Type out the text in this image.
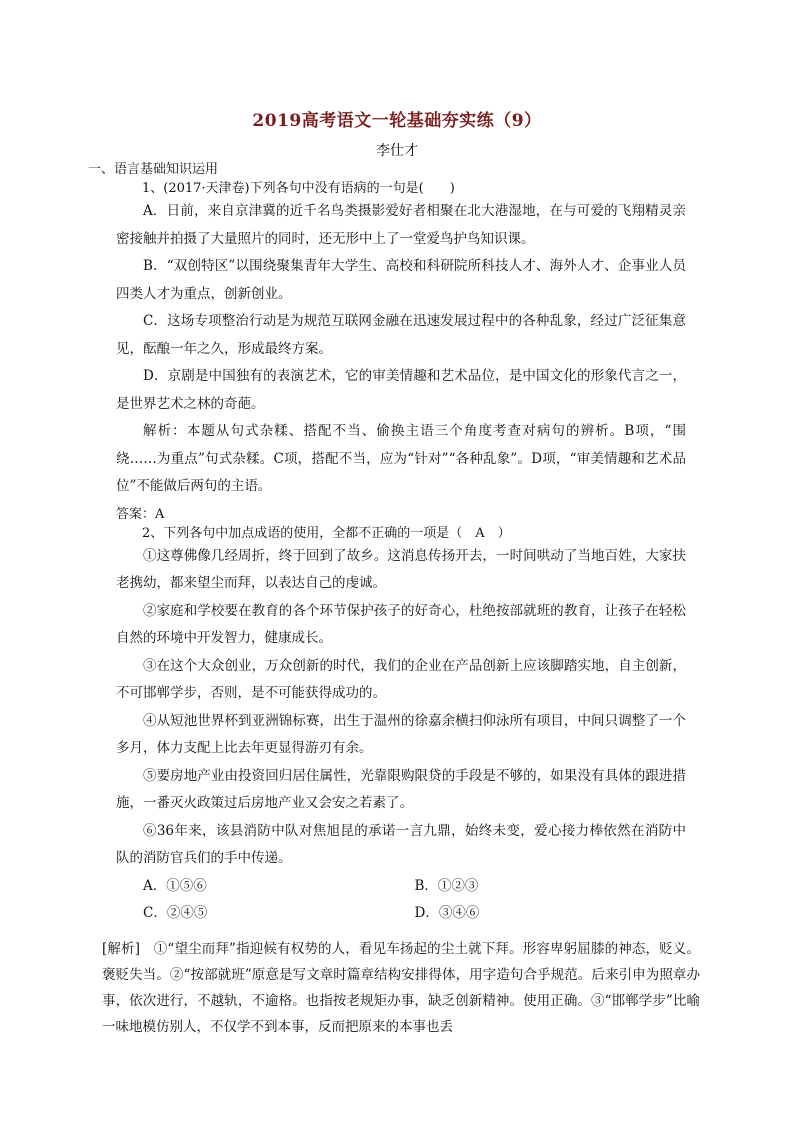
2019高考语文一轮基础夯实练（9）
李仕才

一、语言基础知识运用

1、(2017·天津卷)下列各句中没有语病的一句是(　　)

A．日前，来自京津冀的近千名鸟类摄影爱好者相聚在北大港湿地，在与可爱的飞翔精灵亲密接触并拍摄了大量照片的同时，还无形中上了一堂爱鸟护鸟知识课。

B．“双创特区”以围绕聚集青年大学生、高校和科研院所科技人才、海外人才、企事业人员四类人才为重点，创新创业。

C．这场专项整治行动是为规范互联网金融在迅速发展过程中的各种乱象，经过广泛征集意见，酝酿一年之久，形成最终方案。

D．京剧是中国独有的表演艺术，它的审美情趣和艺术品位，是中国文化的形象代言之一，是世界艺术之林的奇葩。

解析：本题从句式杂糅、搭配不当、偷换主语三个角度考查对病句的辨析。B项，“围绕……为重点”句式杂糅。C项，搭配不当，应为“针对”“各种乱象”。D项，“审美情趣和艺术品位”不能做后两句的主语。

答案：A

2、下列各句中加点成语的使用，全都不正确的一项是（　A　）

①这尊佛像几经周折，终于回到了故乡。这消息传扬开去，一时间哄动了当地百姓，大家扶老携幼，都来望尘而拜，以表达自己的虔诚。

②家庭和学校要在教育的各个环节保护孩子的好奇心，杜绝按部就班的教育，让孩子在轻松自然的环境中开发智力，健康成长。

③在这个大众创业，万众创新的时代，我们的企业在产品创新上应该脚踏实地，自主创新，不可邯郸学步，否则，是不可能获得成功的。

④从短池世界杯到亚洲锦标赛，出生于温州的徐嘉余横扫仰泳所有项目，中间只调整了一个多月，体力支配上比去年更显得游刃有余。

⑤要房地产业由投资回归居住属性，光靠限购限贷的手段是不够的，如果没有具体的跟进措施，一番灭火政策过后房地产业又会安之若素了。

⑥36年来，该县消防中队对焦旭昆的承诺一言九鼎，始终未变，爱心接力棒依然在消防中队的消防官兵们的手中传递。

A．①⑤⑥	B．①②③
C．②④⑤	D．③④⑥

[解析]　①“望尘而拜”指迎候有权势的人，看见车扬起的尘土就下拜。形容卑躬屈膝的神态，贬义。褒贬失当。②“按部就班”原意是写文章时篇章结构安排得体，用字造句合乎规范。后来引申为照章办事，依次进行，不越轨，不逾格。也指按老规矩办事，缺乏创新精神。使用正确。③“邯郸学步”比喻一味地模仿别人，不仅学不到本事，反而把原来的本事也丢
